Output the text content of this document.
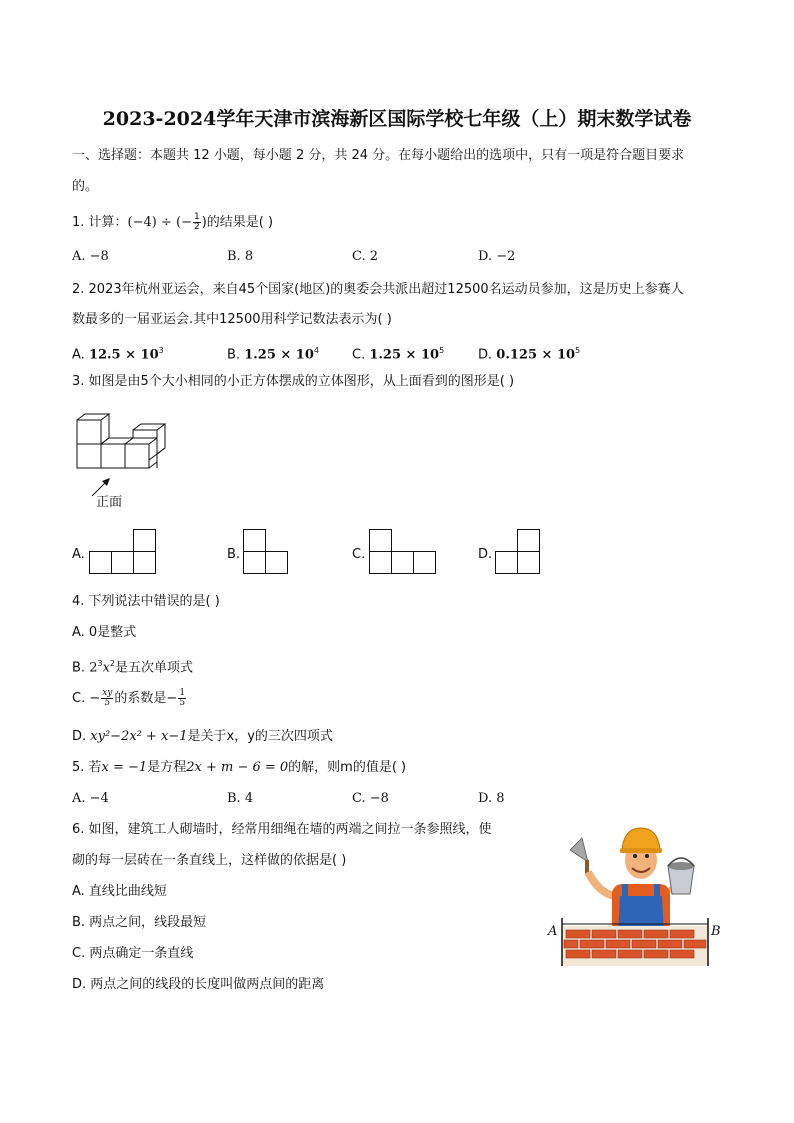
2023-2024学年天津市滨海新区国际学校七年级（上）期末数学试卷
一、选择题：本题共 12 小题，每小题 2 分，共 24 分。在每小题给出的选项中，只有一项是符合题目要求
的。
1. 计算：(−4) ÷ (− $\frac{1}{2}$ )的结果是( )
A. −8	B. 8	C. 2	D. −2
2. 2023年杭州亚运会，来自45个国家(地区)的奥委会共派出超过12500名运动员参加，这是历史上参赛人
数最多的一届亚运会.其中12500用科学记数法表示为( )
A. $12.5 \times 10^3$	B. $1.25 \times 10^4$	C. $1.25 \times 10^5$	D. $0.125 \times 10^5$
3. 如图是由5个大小相同的小正方体摆成的立体图形，从上面看到的图形是( )
正面
A.	B.	C.	D.
4. 下列说法中错误的是( )
A. 0是整式
B. $2^3x^2$是五次单项式
C. − $\frac{xy}{5}$ 的系数是− $\frac{1}{5}$
D. xy²−2x² + x−1是关于x，y的三次四项式
5. 若x = −1是方程2x + m − 6 = 0的解，则m的值是( )
A. −4	B. 4	C. −8	D. 8
6. 如图，建筑工人砌墙时，经常用细绳在墙的两端之间拉一条参照线，使
砌的每一层砖在一条直线上，这样做的依据是( )
A. 直线比曲线短
B. 两点之间，线段最短
C. 两点确定一条直线
D. 两点之间的线段的长度叫做两点间的距离
A	B
